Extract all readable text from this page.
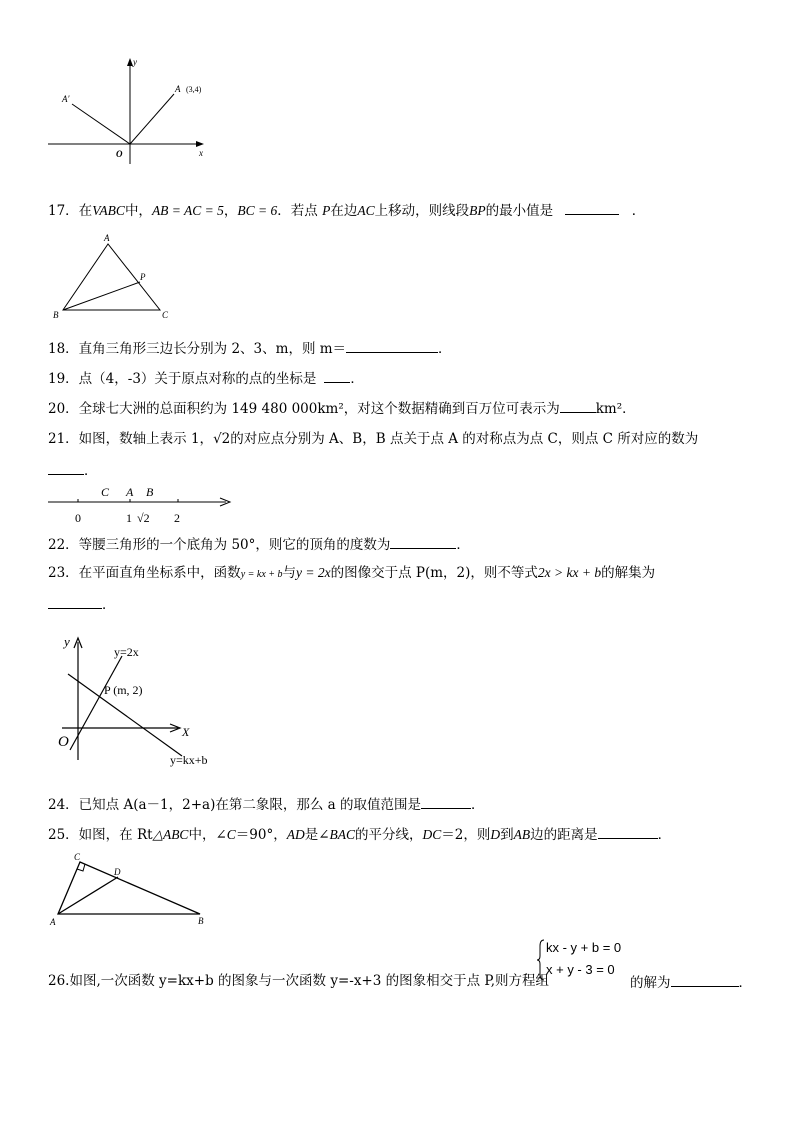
y
A (3,4)
A′
O	x
17．在VABC中，AB = AC = 5，BC = 6．若点 P在边AC上移动，则线段BP的最小值是	．
A
P
B	C
18．直角三角形三边长分别为 2、3、m，则 m＝	．
19．点（4，-3）关于原点对称的点的坐标是	．
20．全球七大洲的总面积约为 149 480 000km²，对这个数据精确到百万位可表示为	km²．
21．如图，数轴上表示 1，√2的对应点分别为 A、B，B 点关于点 A 的对称点为点 C，则点 C 所对应的数为
．
C A B
0	1 √2 2
22．等腰三角形的一个底角为 50°，则它的顶角的度数为	．
23．在平面直角坐标系中，函数y = kx + b与y = 2x的图像交于点 P(m，2)，则不等式2x > kx + b的解集为
．
y
y=2x
P (m, 2)
O
X
y=kx+b
24．已知点 A(a－1，2+a)在第二象限，那么 a 的取值范围是	．
25．如图，在 Rt△ABC中，∠C＝90°，AD是∠BAC的平分线，DC＝2，则D到AB边的距离是	．
C
D
A	B
26.如图,一次函数 y=kx+b 的图象与一次函数 y=-x+3 的图象相交于点 P,则方程组
kx - y + b = 0
x + y - 3 = 0
的解为	．
